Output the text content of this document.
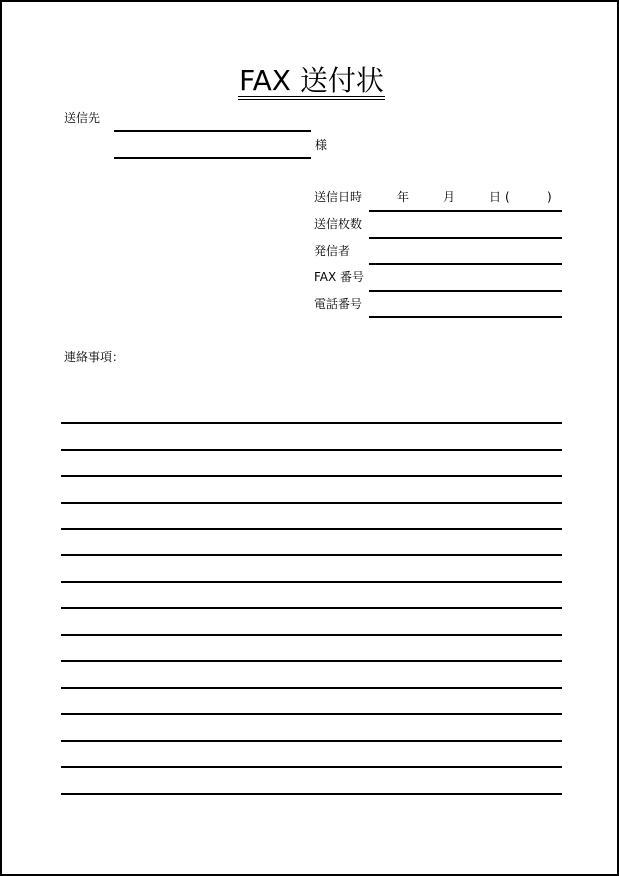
FAX 送付状
送信先
様
送信日時	年	月	日 (	)
送信枚数
発信者
FAX 番号
電話番号
連絡事項：
